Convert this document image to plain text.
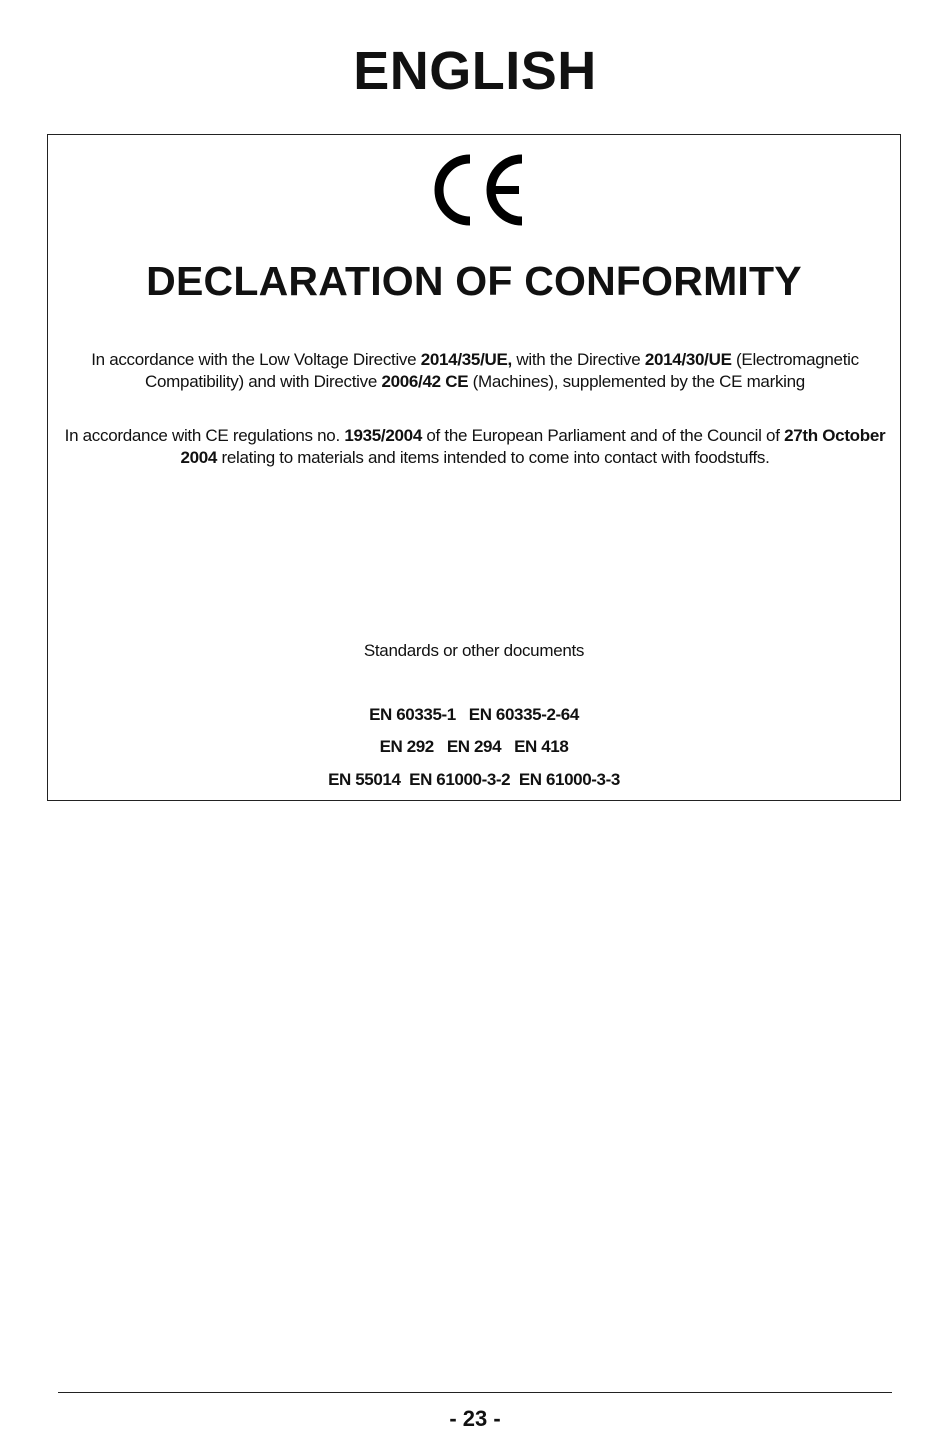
ENGLISH
DECLARATION OF CONFORMITY
In accordance with the Low Voltage Directive 2014/35/UE, with the Directive 2014/30/UE (Electromagnetic Compatibility) and with Directive 2006/42 CE (Machines), supplemented by the CE marking
In accordance with CE regulations no. 1935/2004 of the European Parliament and of the Council of 27th October 2004 relating to materials and items intended to come into contact with foodstuffs.
Standards or other documents
EN 60335-1   EN 60335-2-64
EN 292   EN 294   EN 418
EN 55014  EN 61000-3-2  EN 61000-3-3
- 23 -
